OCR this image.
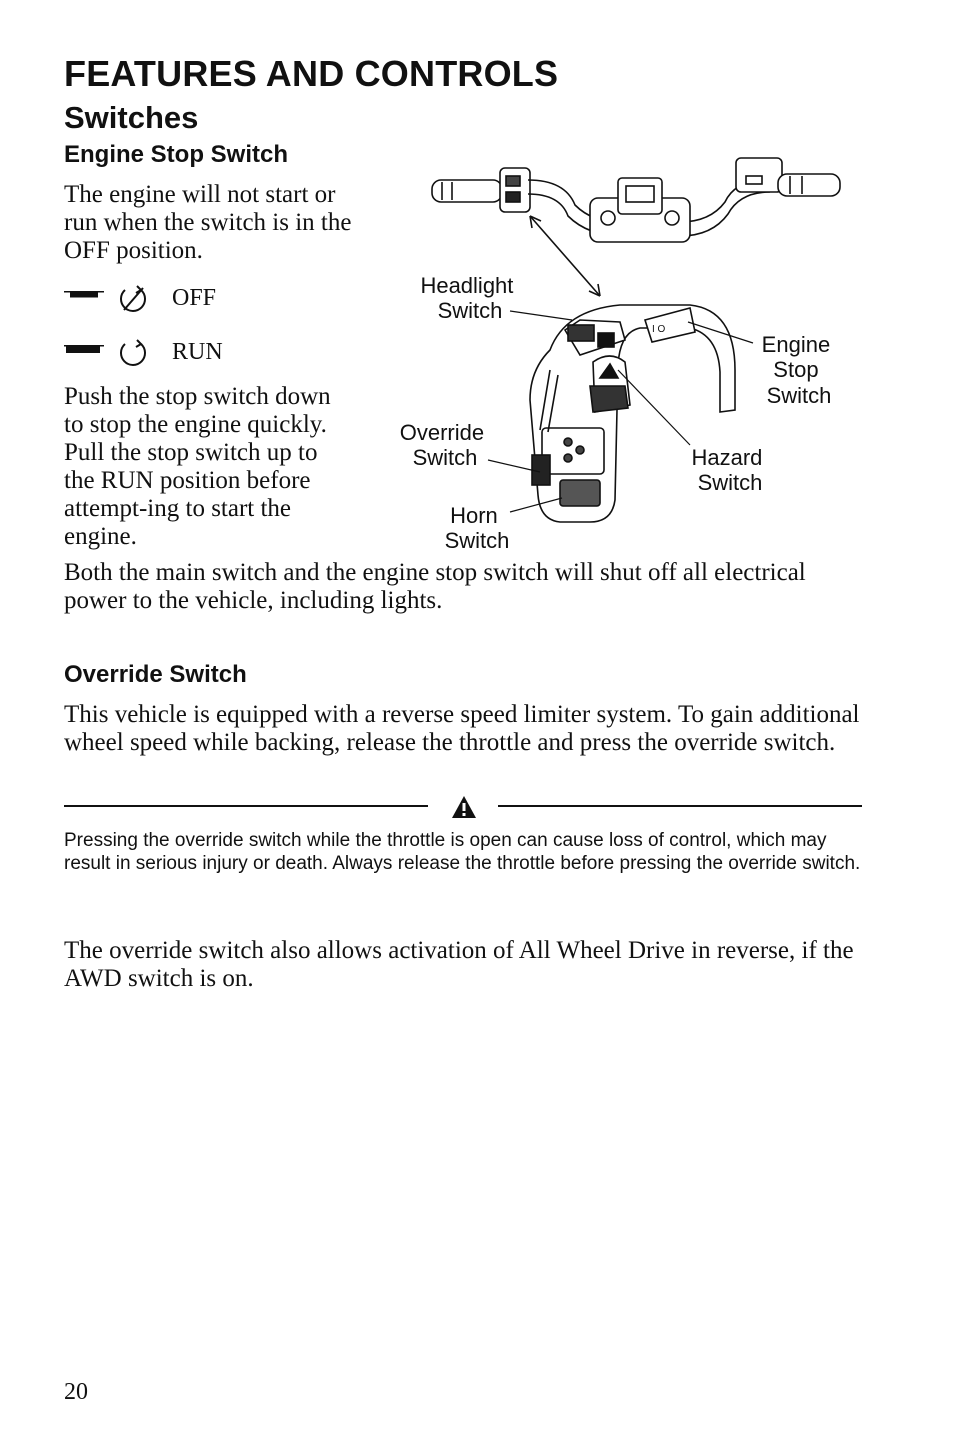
FEATURES AND CONTROLS
Switches
Engine Stop Switch
The engine will not start or run when the switch is in the OFF position.
OFF
RUN
Push the stop switch down to stop the engine quickly. Pull the stop switch up to the RUN position before attempt-ing to start the engine.
Both the main switch and the engine stop switch will shut off all electrical power to the vehicle, including lights.
I O
Headlight Switch
Engine Stop Switch
Override Switch	Hazard Switch
Horn Switch
Override Switch
This vehicle is equipped with a reverse speed limiter system. To gain additional wheel speed while backing, release the throttle and press the override switch.
Pressing the override switch while the throttle is open can cause loss of control, which may result in serious injury or death. Always release the throttle before pressing the override switch.
The override switch also allows activation of All Wheel Drive in reverse, if the AWD switch is on.
20
